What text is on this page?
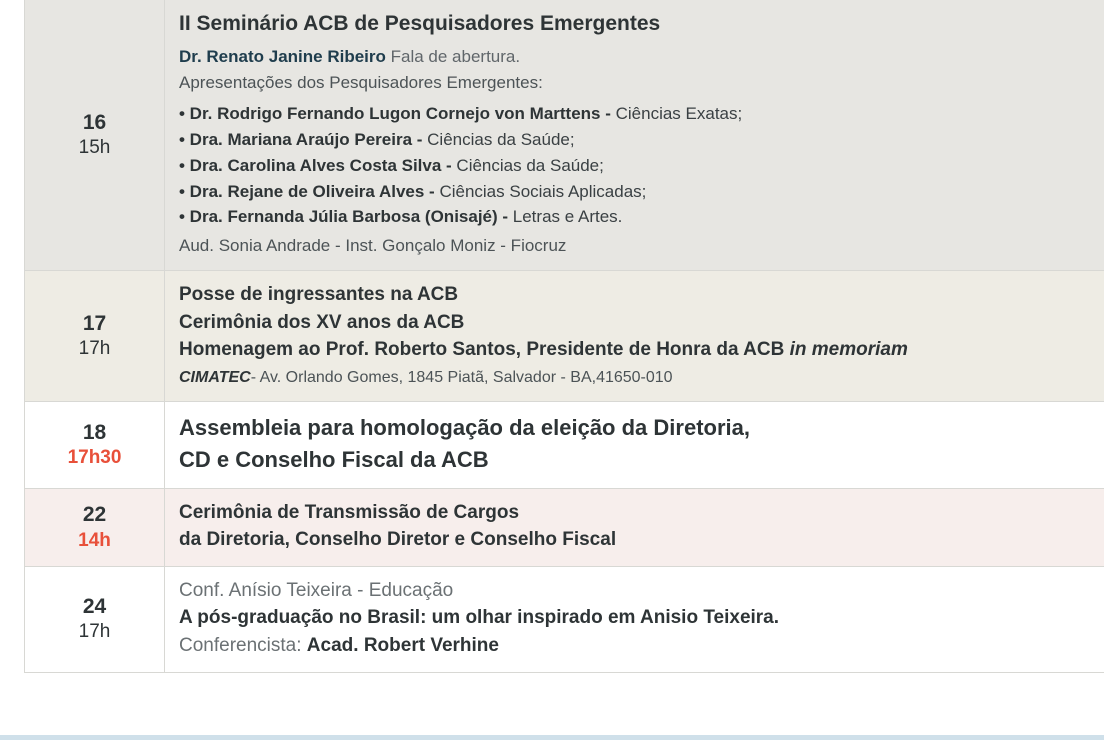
16
15h

II Seminário ACB de Pesquisadores Emergentes
Dr. Renato Janine Ribeiro Fala de abertura.
Apresentações dos Pesquisadores Emergentes:
• Dr. Rodrigo Fernando Lugon Cornejo von Marttens - Ciências Exatas;
• Dra. Mariana Araújo Pereira - Ciências da Saúde;
• Dra. Carolina Alves Costa Silva - Ciências da Saúde;
• Dra. Rejane de Oliveira Alves - Ciências Sociais Aplicadas;
• Dra. Fernanda Júlia Barbosa (Onisajé) - Letras e Artes.
Aud. Sonia Andrade - Inst. Gonçalo Moniz - Fiocruz

17
17h

Posse de ingressantes na ACB
Cerimônia dos XV anos da ACB
Homenagem ao Prof. Roberto Santos, Presidente de Honra da ACB in memoriam
CIMATEC- Av. Orlando Gomes, 1845 Piatã, Salvador - BA,41650-010

18
17h30

Assembleia para homologação da eleição da Diretoria,
CD e Conselho Fiscal da ACB

22
14h

Cerimônia de Transmissão de Cargos
da Diretoria, Conselho Diretor e Conselho Fiscal

24
17h

Conf. Anísio Teixeira - Educação
A pós-graduação no Brasil: um olhar inspirado em Anisio Teixeira.
Conferencista: Acad. Robert Verhine
